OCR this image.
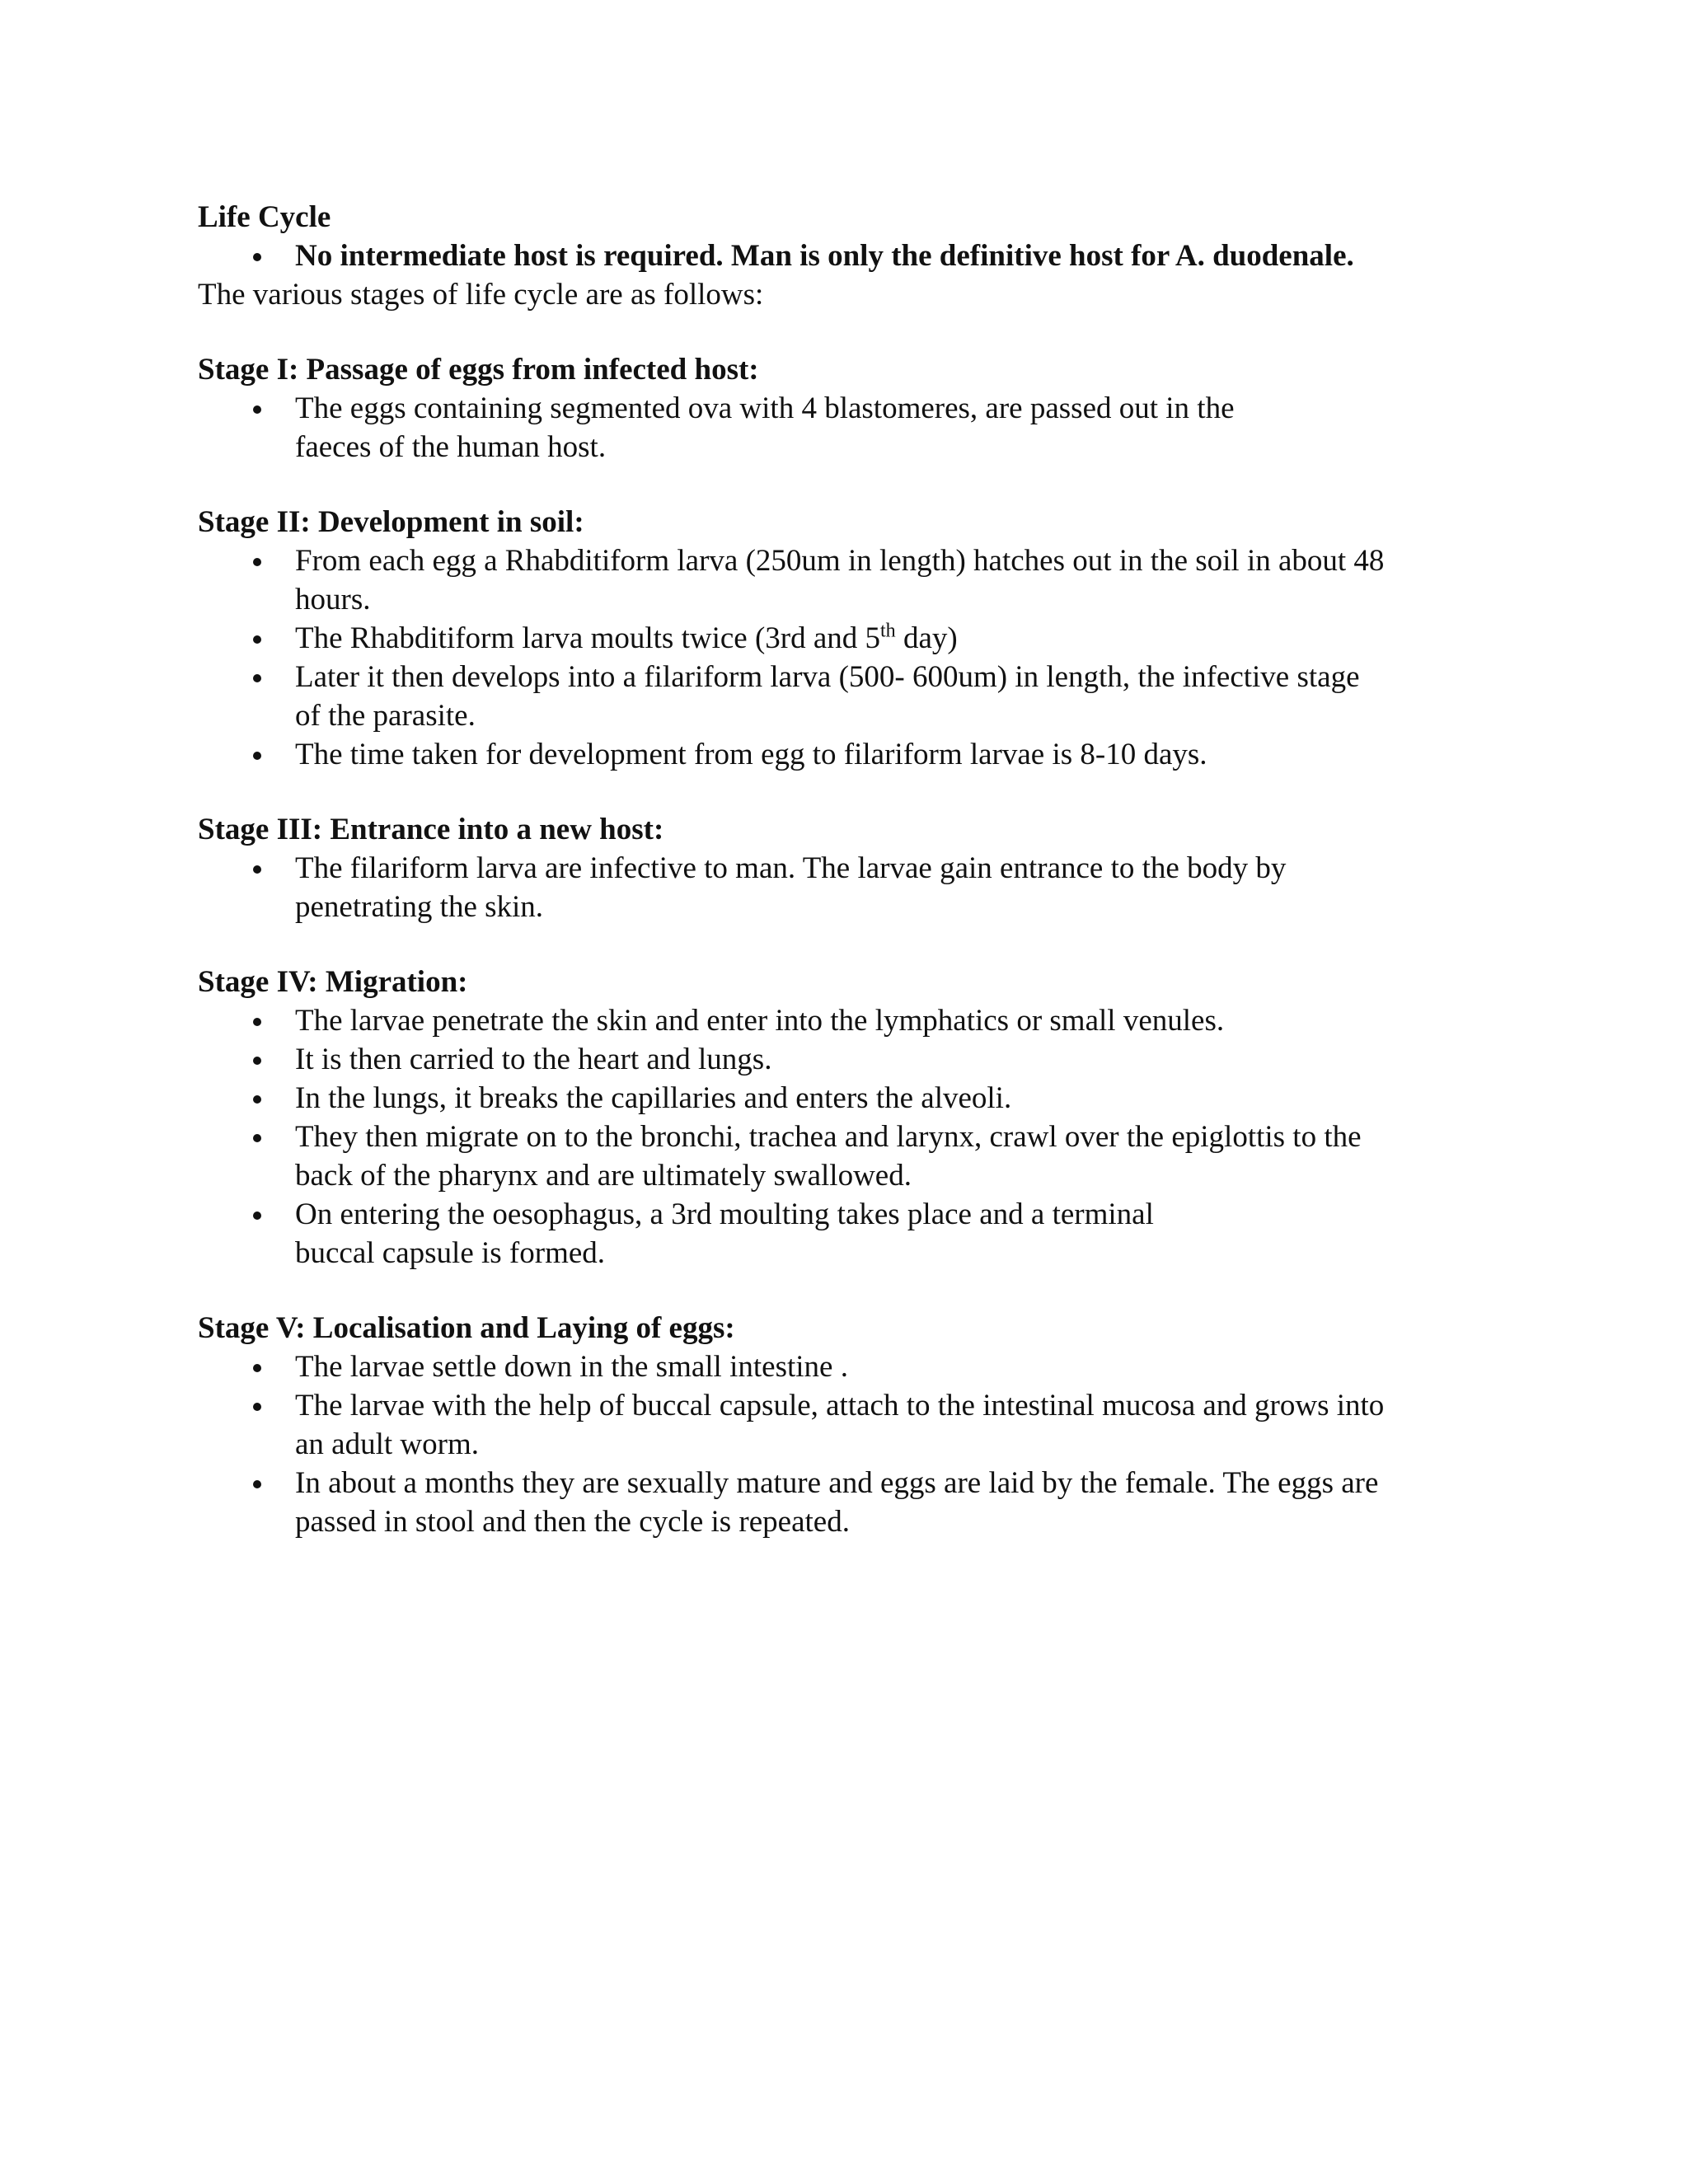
Life Cycle
No intermediate host is required. Man is only the definitive host for A. duodenale.
The various stages of life cycle are as follows:
Stage I: Passage of eggs from infected host:
The eggs containing segmented ova with 4 blastomeres, are passed out in the
faeces of the human host.
Stage II: Development in soil:
From each egg a Rhabditiform larva (250um in length) hatches out in the soil in about 48
hours.
The Rhabditiform larva moults twice (3rd and 5th day)
Later it then develops into a filariform larva (500- 600um) in length, the infective stage
of the parasite.
The time taken for development from egg to filariform larvae is 8-10 days.
Stage III: Entrance into a new host:
The filariform larva are infective to man. The larvae gain entrance to the body by
penetrating the skin.
Stage IV: Migration:
The larvae penetrate the skin and enter into the lymphatics or small venules.
It is then carried to the heart and lungs.
In the lungs, it breaks the capillaries and enters the alveoli.
They then migrate on to the bronchi, trachea and larynx, crawl over the epiglottis to the
back of the pharynx and are ultimately swallowed.
On entering the oesophagus, a 3rd moulting takes place and a terminal
buccal capsule is formed.
Stage V: Localisation and Laying of eggs:
The larvae settle down in the small intestine .
The larvae with the help of buccal capsule, attach to the intestinal mucosa and grows into
an adult worm.
In about a months they are sexually mature and eggs are laid by the female. The eggs are
passed in stool and then the cycle is repeated.
